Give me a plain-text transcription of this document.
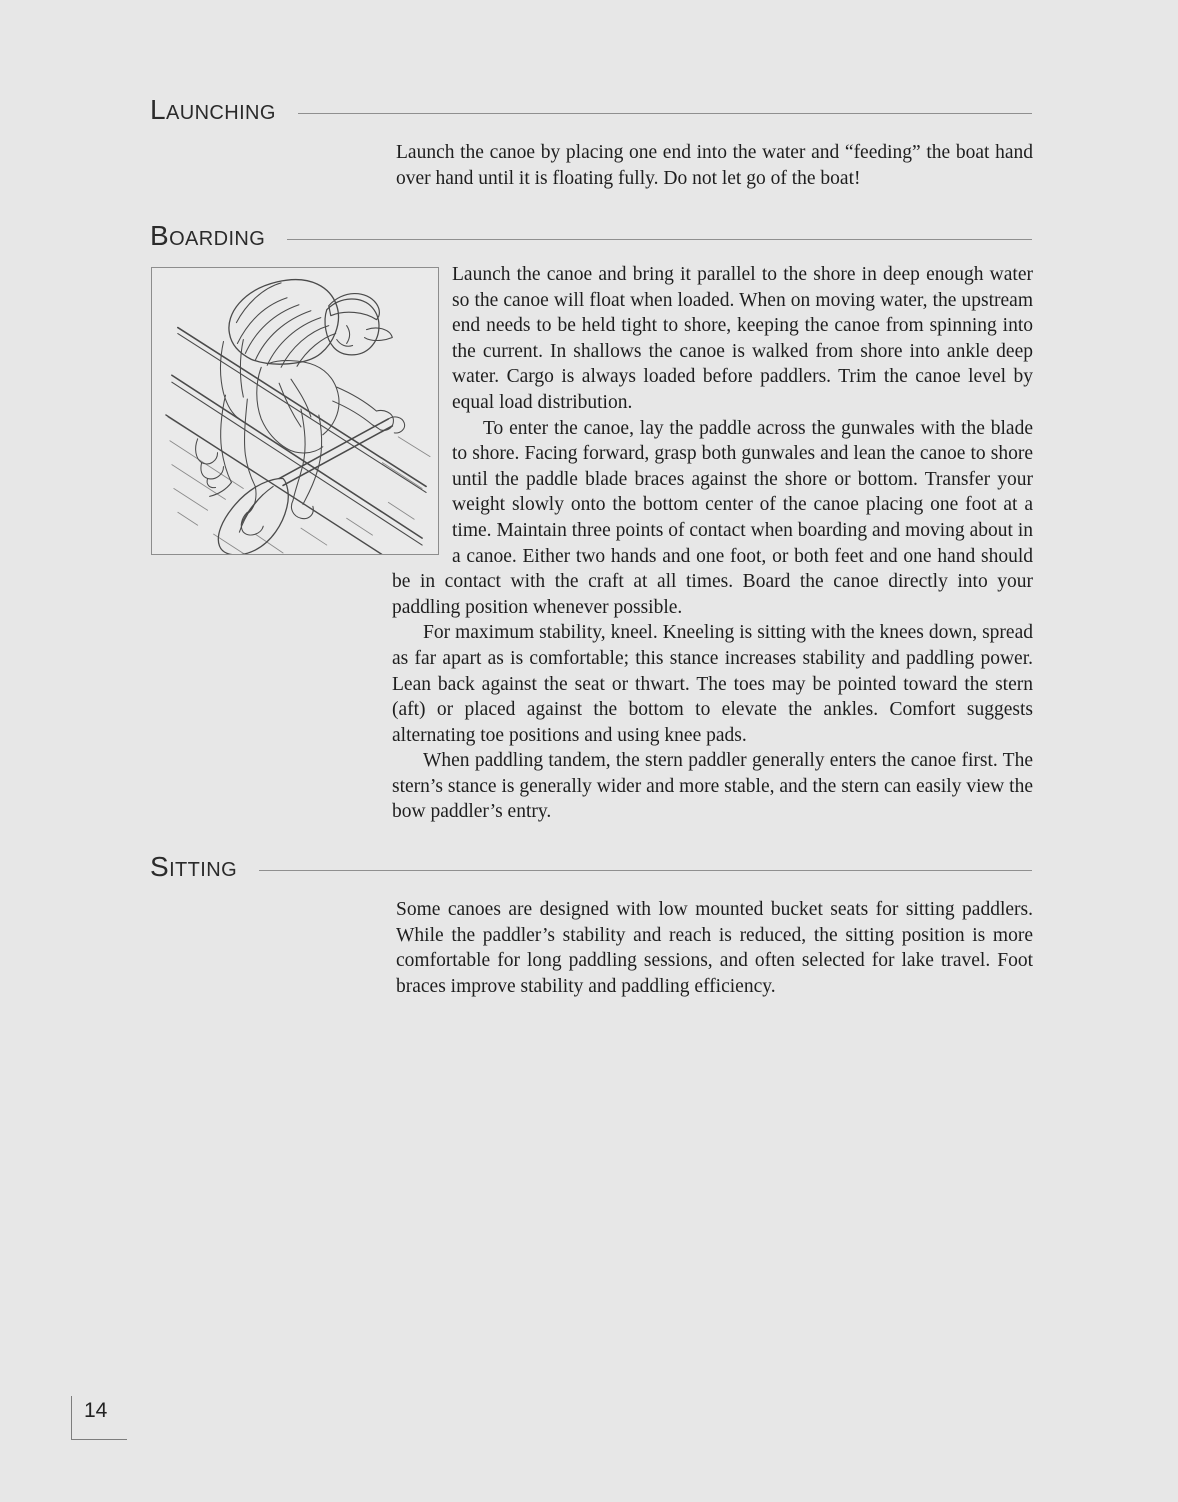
LAUNCHING

Launch the canoe by placing one end into the water and “feeding” the boat hand over hand until it is floating fully. Do not let go of the boat!

BOARDING

Launch the canoe and bring it parallel to the shore in deep enough water so the canoe will float when loaded. When on moving water, the upstream end needs to be held tight to shore, keeping the canoe from spinning into the current. In shallows the canoe is walked from shore into ankle deep water. Cargo is always loaded before paddlers. Trim the canoe level by equal load distribution.

To enter the canoe, lay the paddle across the gunwales with the blade to shore. Facing forward, grasp both gunwales and lean the canoe to shore until the paddle blade braces against the shore or bottom. Transfer your weight slowly onto the bottom center of the canoe placing one foot at a time. Maintain three points of contact when boarding and moving about in a canoe. Either two hands and one foot, or both feet and one hand should be in contact with the craft at all times. Board the canoe directly into your paddling position whenever possible.

For maximum stability, kneel. Kneeling is sitting with the knees down, spread as far apart as is comfortable; this stance increases stability and paddling power. Lean back against the seat or thwart. The toes may be pointed toward the stern (aft) or placed against the bottom to elevate the ankles. Comfort suggests alternating toe positions and using knee pads.

When paddling tandem, the stern paddler generally enters the canoe first. The stern’s stance is generally wider and more stable, and the stern can easily view the bow paddler’s entry.

SITTING

Some canoes are designed with low mounted bucket seats for sitting paddlers. While the paddler’s stability and reach is reduced, the sitting position is more comfortable for long paddling sessions, and often selected for lake travel. Foot braces improve stability and paddling efficiency.

14
